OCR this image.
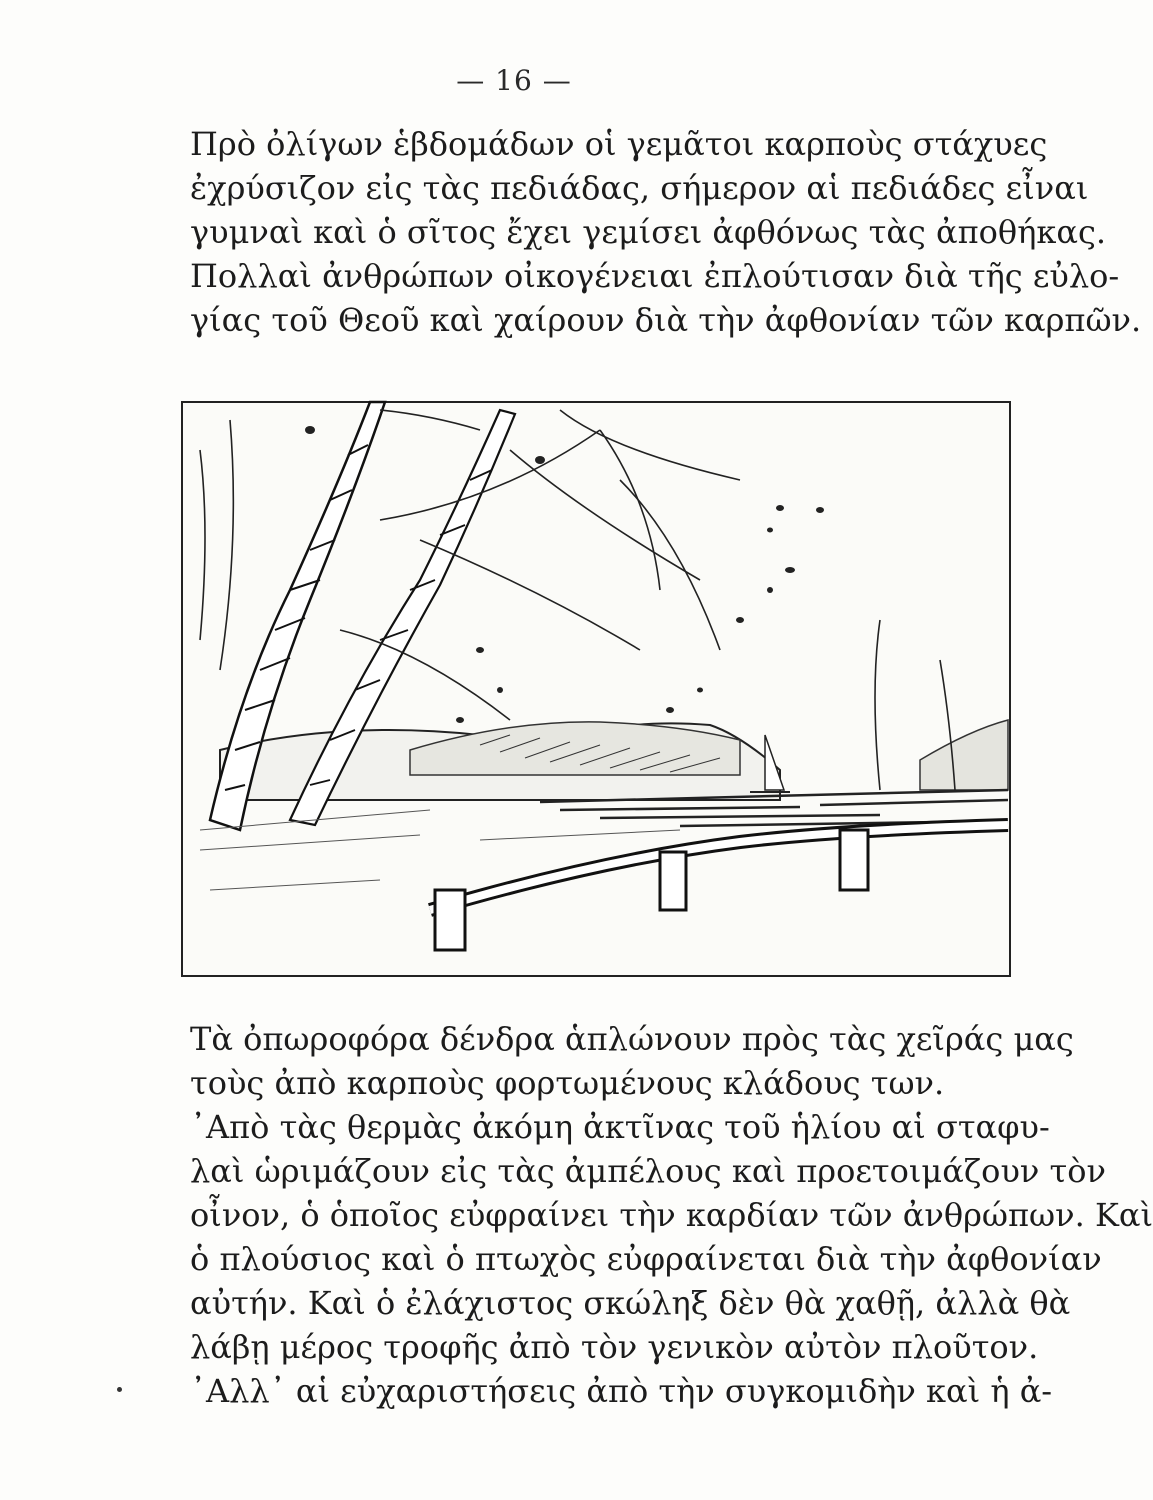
— 16 —
Πρὸ ὀλίγων ἑβδομάδων οἱ γεμᾶτοι καρποὺς στάχυες
ἐχρύσιζον εἰς τὰς πεδιάδας, σήμερον αἱ πεδιάδες εἶναι
γυμναὶ καὶ ὁ σῖτος ἔχει γεμίσει ἀφθόνως τὰς ἀποθήκας.
Πολλαὶ ἀνθρώπων οἰκογένειαι ἐπλούτισαν διὰ τῆς εὐλο-
γίας τοῦ Θεοῦ καὶ χαίρουν διὰ τὴν ἀφθονίαν τῶν καρπῶν.
Τὰ ὀπωροφόρα δένδρα ἁπλώνουν πρὸς τὰς χεῖράς μας
τοὺς ἀπὸ καρποὺς φορτωμένους κλάδους των.
᾿Απὸ τὰς θερμὰς ἀκόμη ἀκτῖνας τοῦ ἡλίου αἱ σταφυ-
λαὶ ὡριμάζουν εἰς τὰς ἀμπέλους καὶ προετοιμάζουν τὸν
οἶνον, ὁ ὁποῖος εὐφραίνει τὴν καρδίαν τῶν ἀνθρώπων. Καὶ
ὁ πλούσιος καὶ ὁ πτωχὸς εὐφραίνεται διὰ τὴν ἀφθονίαν
αὐτήν. Καὶ ὁ ἐλάχιστος σκώληξ δὲν θὰ χαθῇ, ἀλλὰ θὰ
λάβῃ μέρος τροφῆς ἀπὸ τὸν γενικὸν αὐτὸν πλοῦτον.
᾿Αλλ᾿ αἱ εὐχαριστήσεις ἀπὸ τὴν συγκομιδὴν καὶ ἡ ἀ-
